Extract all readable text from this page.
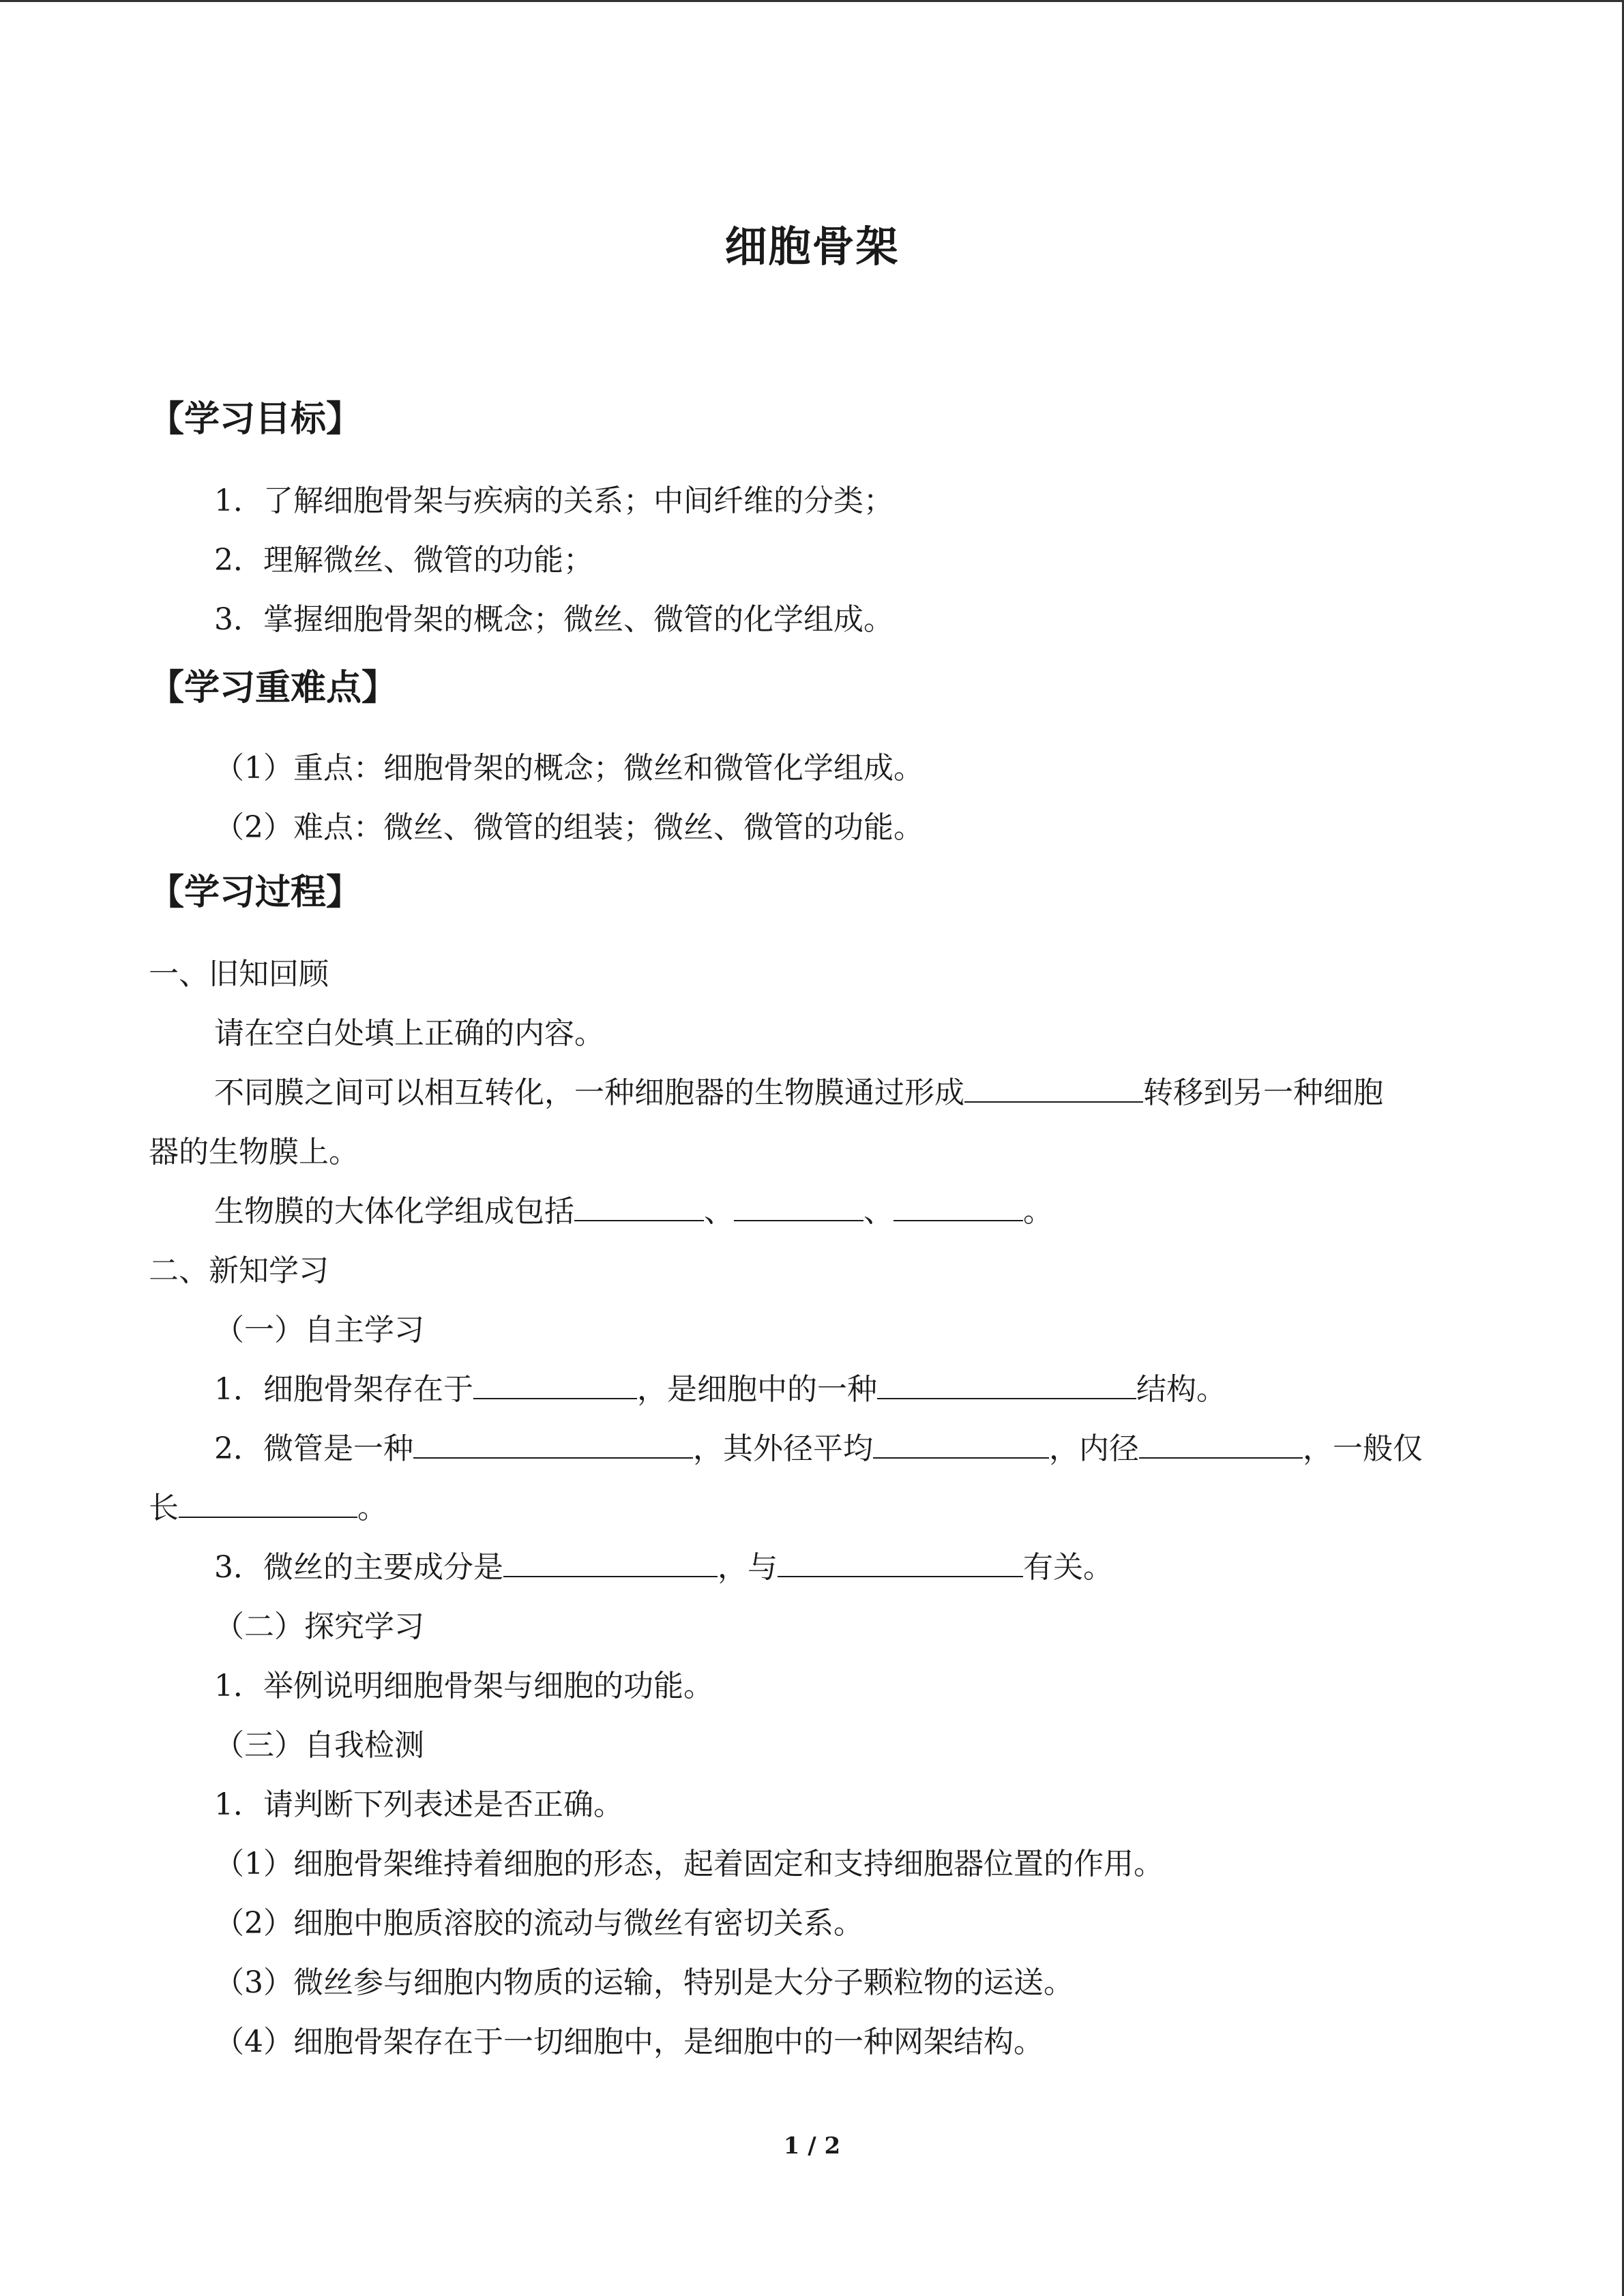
细胞骨架
【学习目标】
1．了解细胞骨架与疾病的关系；中间纤维的分类；
2．理解微丝、微管的功能；
3．掌握细胞骨架的概念；微丝、微管的化学组成。
【学习重难点】
（1）重点：细胞骨架的概念；微丝和微管化学组成。
（2）难点：微丝、微管的组装；微丝、微管的功能。
【学习过程】
一、旧知回顾
请在空白处填上正确的内容。
不同膜之间可以相互转化，一种细胞器的生物膜通过形成	转移到另一种细胞
器的生物膜上。
生物膜的大体化学组成包括	、	、	。
二、新知学习
（一）自主学习
1．细胞骨架存在于	，是细胞中的一种	结构。
2．微管是一种	，其外径平均	，内径	，一般仅
长	。
3．微丝的主要成分是	，与	有关。
（二）探究学习
1．举例说明细胞骨架与细胞的功能。
（三）自我检测
1．请判断下列表述是否正确。
（1）细胞骨架维持着细胞的形态，起着固定和支持细胞器位置的作用。
（2）细胞中胞质溶胶的流动与微丝有密切关系。
（3）微丝参与细胞内物质的运输，特别是大分子颗粒物的运送。
（4）细胞骨架存在于一切细胞中，是细胞中的一种网架结构。
1 / 2
